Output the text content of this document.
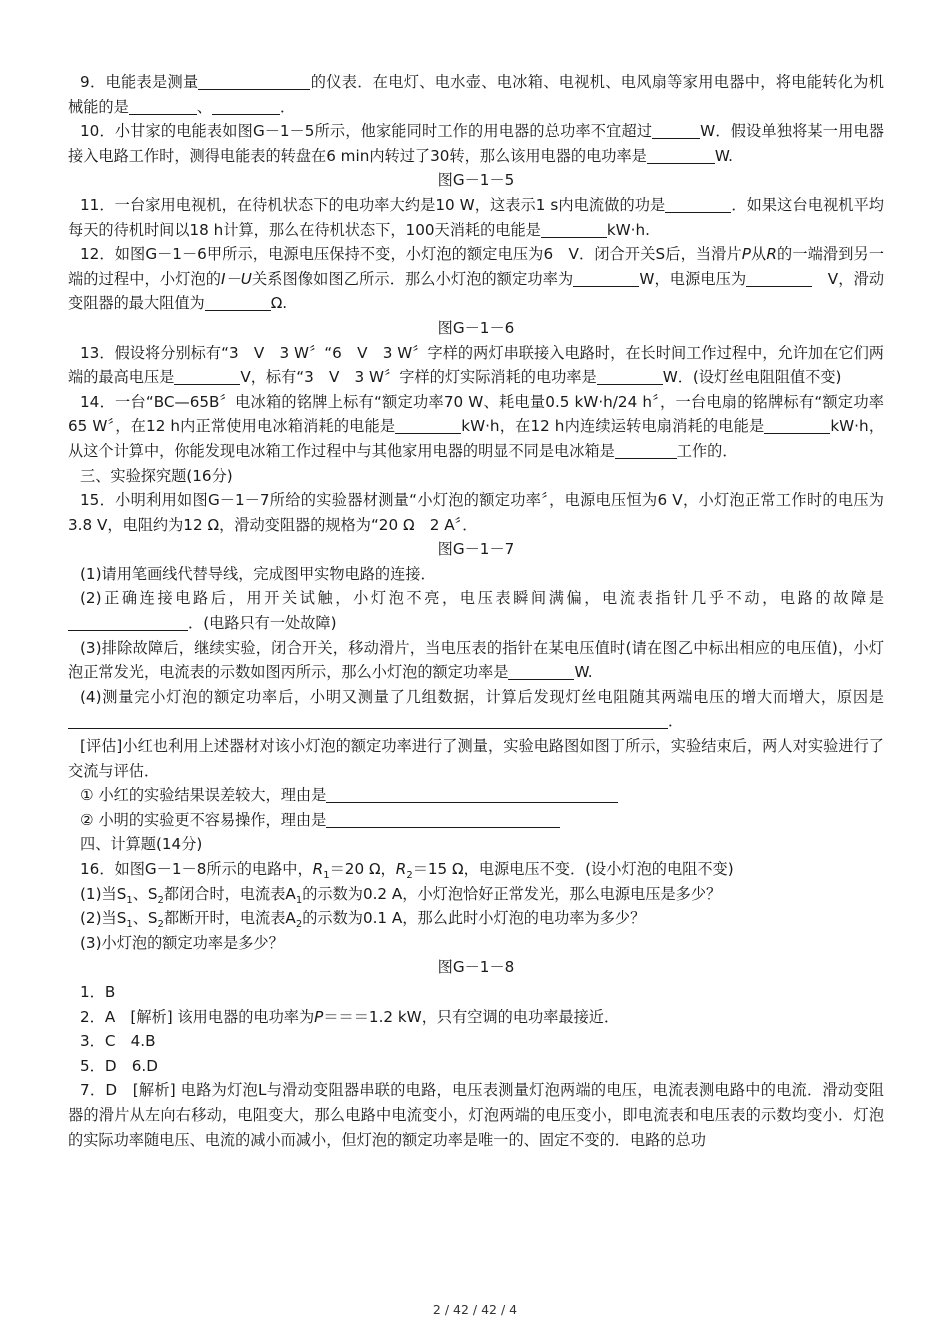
9．电能表是测量	的仪表．在电灯、电水壶、电冰箱、电视机、电风扇等家用电器中，将电能转化为机械能的是	、	．

10．小甘家的电能表如图G－1－5所示，他家能同时工作的用电器的总功率不宜超过	W．假设单独将某一用电器接入电路工作时，测得电能表的转盘在6 min内转过了30转，那么该用电器的电功率是	W.

图G－1－5

11．一台家用电视机，在待机状态下的电功率大约是10 W，这表示1 s内电流做的功是	．如果这台电视机平均每天的待机时间以18 h计算，那么在待机状态下，100天消耗的电能是	kW·h.

12．如图G－1－6甲所示，电源电压保持不变，小灯泡的额定电压为6　V．闭合开关S后，当滑片P从R的一端滑到另一端的过程中，小灯泡的I－U关系图像如图乙所示．那么小灯泡的额定功率为	W，电源电压为	　V，滑动变阻器的最大阻值为	Ω.

图G－1－6

13．假设将分别标有“3　V　3 W〞“6　V　3 W〞字样的两灯串联接入电路时，在长时间工作过程中，允许加在它们两端的最高电压是	V，标有“3　V　3 W〞字样的灯实际消耗的电功率是	W．(设灯丝电阻阻值不变)

14．一台“BC—65B〞电冰箱的铭牌上标有“额定功率70 W、耗电量0.5 kW·h/24 h〞，一台电扇的铭牌标有“额定功率65 W〞，在12 h内正常使用电冰箱消耗的电能是	kW·h，在12 h内连续运转电扇消耗的电能是	kW·h，从这个计算中，你能发现电冰箱工作过程中与其他家用电器的明显不同是电冰箱是	工作的．

三、实验探究题(16分)

15．小明利用如图G－1－7所给的实验器材测量“小灯泡的额定功率〞，电源电压恒为6 V，小灯泡正常工作时的电压为3.8 V，电阻约为12 Ω，滑动变阻器的规格为“20 Ω　2 A〞．

图G－1－7

(1)请用笔画线代替导线，完成图甲实物电路的连接．

(2)正确连接电路后，用开关试触，小灯泡不亮，电压表瞬间满偏，电流表指针几乎不动，电路的故障是．(电路只有一处故障)

(3)排除故障后，继续实验，闭合开关，移动滑片，当电压表的指针在某电压值时(请在图乙中标出相应的电压值)，小灯泡正常发光，电流表的示数如图丙所示，那么小灯泡的额定功率是	W.

(4)测量完小灯泡的额定功率后，小明又测量了几组数据，计算后发现灯丝电阻随其两端电压的增大而增大，原因是．

[评估]小红也利用上述器材对该小灯泡的额定功率进行了测量，实验电路图如图丁所示，实验结束后，两人对实验进行了交流与评估．

① 小红的实验结果误差较大，理由是

② 小明的实验更不容易操作，理由是

四、计算题(14分)

16．如图G－1－8所示的电路中，$R_1=20$ Ω，$R_2=15$ Ω，电源电压不变．(设小灯泡的电阻不变)

(1)当$S_1$、$S_2$都闭合时，电流表$A_1$的示数为0.2 A，小灯泡恰好正常发光，那么电源电压是多少？

(2)当$S_1$、$S_2$都断开时，电流表$A_2$的示数为0.1 A，那么此时小灯泡的电功率为多少？

(3)小灯泡的额定功率是多少？

图G－1－8

1．B

2．A　[解析] 该用电器的电功率为P＝＝＝1.2 kW，只有空调的电功率最接近．

3．C　4.B

5．D　6.D

7．D　[解析] 电路为灯泡L与滑动变阻器串联的电路，电压表测量灯泡两端的电压，电流表测电路中的电流．滑动变阻器的滑片从左向右移动，电阻变大，那么电路中电流变小，灯泡两端的电压变小，即电流表和电压表的示数均变小．灯泡的实际功率随电压、电流的减小而减小，但灯泡的额定功率是唯一的、固定不变的．电路的总功

2 / 42 / 42 / 4
